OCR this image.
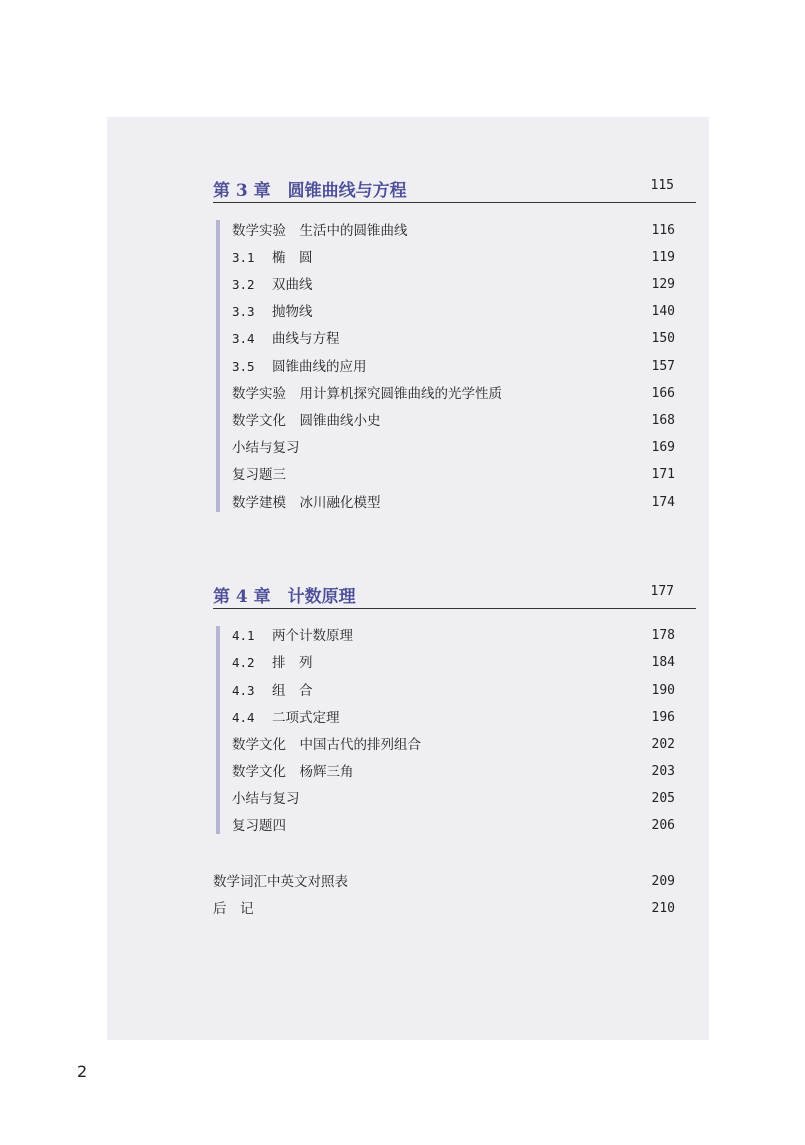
第 3 章　圆锥曲线与方程	115
数学实验　生活中的圆锥曲线	116
3.1 椭　圆	119
3.2 双曲线	129
3.3 抛物线	140
3.4 曲线与方程	150
3.5 圆锥曲线的应用	157
数学实验　用计算机探究圆锥曲线的光学性质	166
数学文化　圆锥曲线小史	168
小结与复习	169
复习题三	171
数学建模　冰川融化模型	174
第 4 章　计数原理	177
4.1 两个计数原理	178
4.2 排　列	184
4.3 组　合	190
4.4 二项式定理	196
数学文化　中国古代的排列组合	202
数学文化　杨辉三角	203
小结与复习	205
复习题四	206
数学词汇中英文对照表	209
后　记	210
2
